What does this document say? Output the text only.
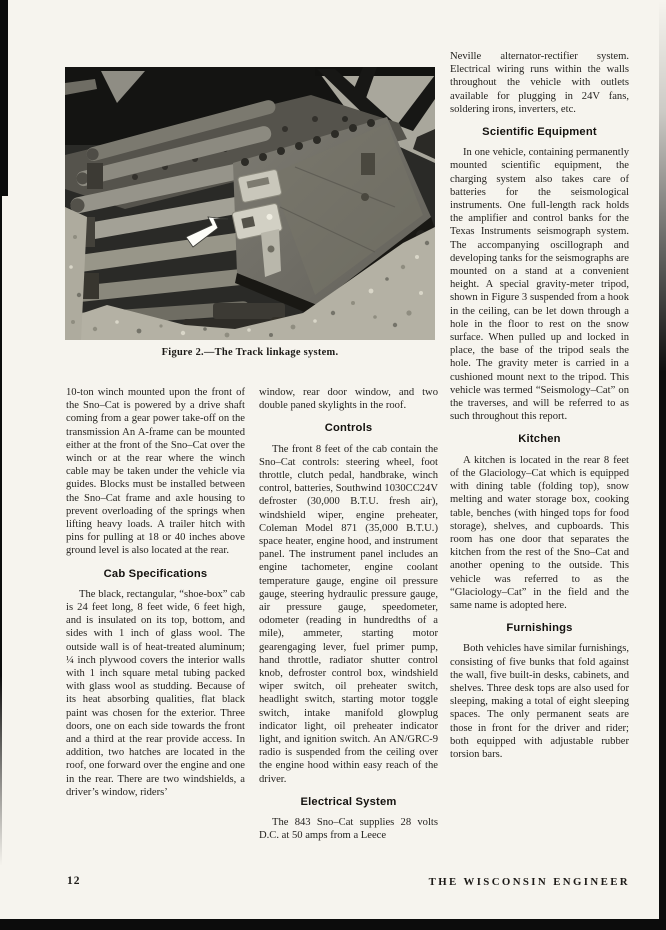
Figure 2.—The Track linkage system.

10-ton winch mounted upon the front of the Sno–Cat is powered by a drive shaft coming from a gear power take-off on the transmission An A-frame can be mounted either at the front of the Sno–Cat over the winch or at the rear where the winch cable may be taken under the vehicle via guides. Blocks must be installed between the Sno–Cat frame and axle housing to prevent overloading of the springs when lifting heavy loads. A trailer hitch with pins for pulling at 18 or 40 inches above ground level is also located at the rear.

Cab Specifications

The black, rectangular, “shoe-box” cab is 24 feet long, 8 feet wide, 6 feet high, and is insulated on its top, bottom, and sides with 1 inch of glass wool. The outside wall is of heat-treated aluminum; ¼ inch plywood covers the interior walls with 1 inch square metal tubing packed with glass wool as studding. Because of its heat absorbing qualities, flat black paint was chosen for the exterior. Three doors, one on each side towards the front and a third at the rear provide access. In addition, two hatches are located in the roof, one forward over the engine and one in the rear. There are two windshields, a driver’s window, riders’

window, rear door window, and two double paned skylights in the roof.

Controls

The front 8 feet of the cab contain the Sno–Cat controls: steering wheel, foot throttle, clutch pedal, handbrake, winch control, batteries, Southwind 1030CC24V defroster (30,000 B.T.U. fresh air), windshield wiper, engine preheater, Coleman Model 871 (35,000 B.T.U.) space heater, engine hood, and instrument panel. The instrument panel includes an engine tachometer, engine coolant temperature gauge, engine oil pressure gauge, steering hydraulic pressure gauge, air pressure gauge, speedometer, odometer (reading in hundredths of a mile), ammeter, starting motor gearengaging lever, fuel primer pump, hand throttle, radiator shutter control knob, defroster control box, windshield wiper switch, oil preheater switch, headlight switch, starting motor toggle switch, intake manifold glowplug indicator light, oil preheater indicator light, and ignition switch. An AN/GRC-9 radio is suspended from the ceiling over the engine hood within easy reach of the driver.

Electrical System

The 843 Sno–Cat supplies 28 volts D.C. at 50 amps from a Leece

Neville alternator-rectifier system. Electrical wiring runs within the walls throughout the vehicle with outlets available for plugging in 24V fans, soldering irons, inverters, etc.

Scientific Equipment

In one vehicle, containing permanently mounted scientific equipment, the charging system also takes care of batteries for the seismological instruments. One full-length rack holds the amplifier and control banks for the Texas Instruments seismograph system. The accompanying oscillograph and developing tanks for the seismographs are mounted on a stand at a convenient height. A special gravity-meter tripod, shown in Figure 3 suspended from a hook in the ceiling, can be let down through a hole in the floor to rest on the snow surface. When pulled up and locked in place, the base of the tripod seals the hole. The gravity meter is carried in a cushioned mount next to the tripod. This vehicle was termed “Seismology–Cat” on the traverses, and will be referred to as such throughout this report.

Kitchen

A kitchen is located in the rear 8 feet of the Glaciology–Cat which is equipped with dining table (folding top), snow melting and water storage box, cooking table, benches (with hinged tops for food storage), shelves, and cupboards. This room has one door that separates the kitchen from the rest of the Sno–Cat and another opening to the outside. This vehicle was referred to as the “Glaciology–Cat” in the field and the same name is adopted here.

Furnishings

Both vehicles have similar furnishings, consisting of five bunks that fold against the wall, five built-in desks, cabinets, and shelves. Three desk tops are also used for sleeping, making a total of eight sleeping spaces. The only permanent seats are those in front for the driver and rider; both equipped with adjustable rubber torsion bars.

12	THE WISCONSIN ENGINEER
